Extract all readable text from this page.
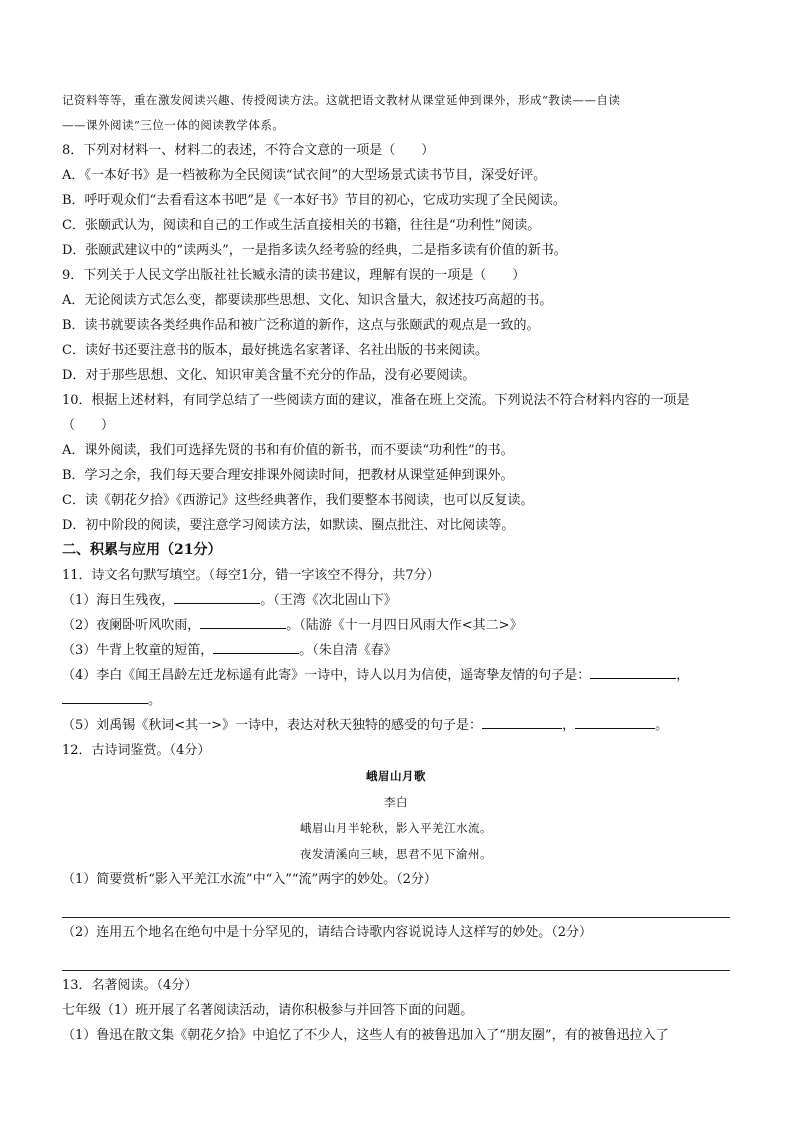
记资料等等，重在激发阅读兴趣、传授阅读方法。这就把语文教材从课堂延伸到课外，形成“教读——自读
——课外阅读”三位一体的阅读教学体系。
8．下列对材料一、材料二的表述，不符合文意的一项是（　　）
A．《一本好书》是一档被称为全民阅读“试衣间”的大型场景式读书节目，深受好评。
B．呼吁观众们“去看看这本书吧”是《一本好书》节目的初心，它成功实现了全民阅读。
C．张颐武认为，阅读和自己的工作或生活直接相关的书籍，往往是“功利性”阅读。
D．张颐武建议中的“读两头”，一是指多读久经考验的经典，二是指多读有价值的新书。
9．下列关于人民文学出版社社长臧永清的读书建议，理解有误的一项是（　　）
A．无论阅读方式怎么变，都要读那些思想、文化、知识含量大，叙述技巧高超的书。
B．读书就要读各类经典作品和被广泛称道的新作，这点与张颐武的观点是一致的。
C．读好书还要注意书的版本，最好挑选名家著译、名社出版的书来阅读。
D．对于那些思想、文化、知识审美含量不充分的作品，没有必要阅读。
10．根据上述材料，有同学总结了一些阅读方面的建议，准备在班上交流。下列说法不符合材料内容的一项是
（　　）
A．课外阅读，我们可选择先贤的书和有价值的新书，而不要读“功利性”的书。
B．学习之余，我们每天要合理安排课外阅读时间，把教材从课堂延伸到课外。
C．读《朝花夕拾》《西游记》这些经典著作，我们要整本书阅读，也可以反复读。
D．初中阶段的阅读，要注意学习阅读方法，如默读、圈点批注、对比阅读等。
二、积累与应用（21分）
11．诗文名句默写填空。（每空1分，错一字该空不得分，共7分）
（1）海日生残夜，	。（王湾《次北固山下》
（2）夜阑卧听风吹雨，	。（陆游《十一月四日风雨大作<其二>》
（3）牛背上牧童的短笛，	。（朱自清《春》
（4）李白《闻王昌龄左迁龙标遥有此寄》一诗中，诗人以月为信使，遥寄挚友情的句子是：	，
。
（5）刘禹锡《秋词<其一>》一诗中，表达对秋天独特的感受的句子是：	，	。
12．古诗词鉴赏。（4分）
峨眉山月歌
李白
峨眉山月半轮秋，影入平羌江水流。
夜发清溪向三峡，思君不见下渝州。
（1）简要赏析“影入平羌江水流”中“入”“流”两字的妙处。（2分）
（2）连用五个地名在绝句中是十分罕见的，请结合诗歌内容说说诗人这样写的妙处。（2分）
13．名著阅读。（4分）
七年级（1）班开展了名著阅读活动，请你积极参与并回答下面的问题。
（1）鲁迅在散文集《朝花夕拾》中追忆了不少人，这些人有的被鲁迅加入了“朋友圈”，有的被鲁迅拉入了
